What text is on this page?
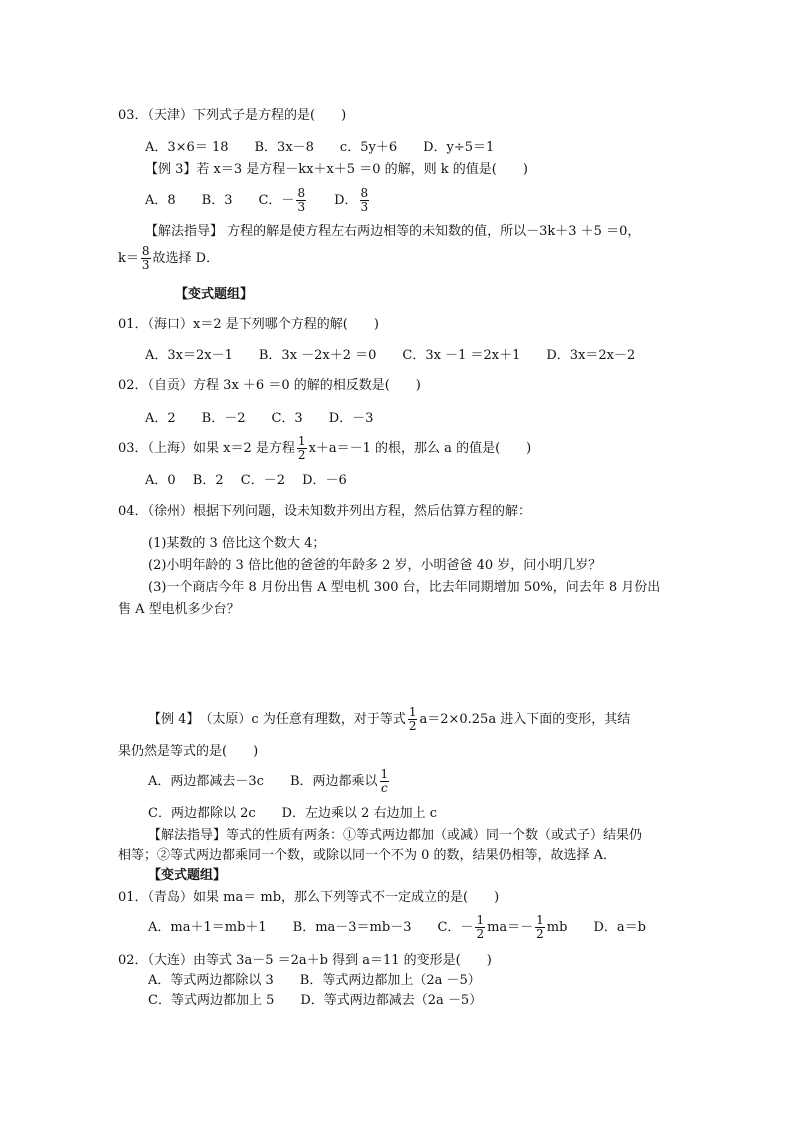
03．（天津）下列式子是方程的是(　　)
A．3×6＝ 18　　B．3x－8　　c．5y＋6　　D．y÷5＝1
【例 3】若 x＝3 是方程－kx＋x＋5 ＝0 的解，则 k 的值是(　　)
A．8　　B．3　　C．－ $\frac{8}{3}$ 　　D． $\frac{8}{3}$
【解法指导】 方程的解是使方程左右两边相等的未知数的值，所以－3k＋3 ＋5 ＝0，
$k= \frac{8}{3}$ 故选择 D．
【变式题组】
01．（海口）x＝2 是下列哪个方程的解(　　)
A．3x＝2x－1　　B．3x －2x＋2 ＝0　　C．3x －1 ＝2x＋1　　D．3x＝2x－2
02．（自贡）方程 3x ＋6 ＝0 的解的相反数是(　　)
A．2　　B．－2　　C．3　　D．－3
03．（上海）如果 x＝2 是方程 $\frac{1}{2} x+a=-1$ 的根，那么 a 的值是(　　)
A．0　 B．2　 C．－2　 D．－6
04．（徐州）根据下列问题，设未知数并列出方程，然后估算方程的解：
(1)某数的 3 倍比这个数大 4；
(2)小明年龄的 3 倍比他的爸爸的年龄多 2 岁，小明爸爸 40 岁，问小明几岁？
(3)一个商店今年 8 月份出售 A 型电机 300 台，比去年同期增加 50%，问去年 8 月份出
售 A 型电机多少台？
【例 4】　（太原）c 为任意有理数，对于等式 $\frac{1}{2} a=2\times 0.25a$ 进入下面的变形，其结
果仍然是等式的是(　　)
A．两边都减去－3c　　B．两边都乘以 $\frac{1}{c}$
C．两边都除以 2c　　D．左边乘以 2 右边加上 c
【解法指导】等式的性质有两条：①等式两边都加（或减）同一个数（或式子）结果仍
相等；②等式两边都乘同一个数，或除以同一个不为 0 的数，结果仍相等，故选择 A．
【变式题组】
01．（青岛）如果 ma＝ mb，那么下列等式不一定成立的是(　　)
A．ma＋1＝mb＋1　　B．ma－3＝mb－3　　C．－ $\frac{1}{2} ma=- \frac{1}{2}$ mb　　D．a＝b
02．（大连）由等式 3a－5 ＝2a＋b 得到 a＝11 的变形是(　　)
A．等式两边都除以 3　　B．等式两边都加上（2a －5）
C．等式两边都加上 5　　D．等式两边都减去（2a －5）
